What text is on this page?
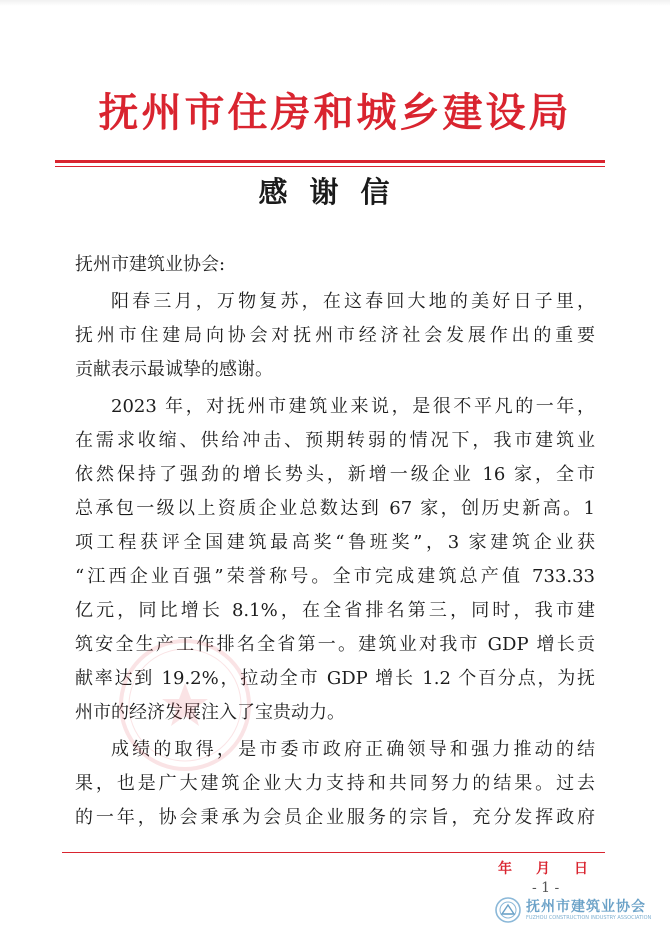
抚州市住房和城乡建设局
感谢信
抚州市建筑业协会:
阳春三月，万物复苏，在这春回大地的美好日子里，
抚州市住建局向协会对抚州市经济社会发展作出的重要
贡献表示最诚挚的感谢。
2023 年，对抚州市建筑业来说，是很不平凡的一年，
在需求收缩、供给冲击、预期转弱的情况下，我市建筑业
依然保持了强劲的增长势头，新增一级企业 16 家，全市
总承包一级以上资质企业总数达到 67 家，创历史新高。1
项工程获评全国建筑最高奖“鲁班奖”，3 家建筑企业获
“江西企业百强”荣誉称号。全市完成建筑总产值 733.33
亿元，同比增长 8.1%，在全省排名第三，同时，我市建
筑安全生产工作排名全省第一。建筑业对我市 GDP 增长贡
献率达到 19.2%，拉动全市 GDP 增长 1.2 个百分点，为抚
州市的经济发展注入了宝贵动力。
成绩的取得，是市委市政府正确领导和强力推动的结
果，也是广大建筑企业大力支持和共同努力的结果。过去
的一年，协会秉承为会员企业服务的宗旨，充分发挥政府
年 月 日
- 1 -
抚州市建筑业协会
FUZHOU CONSTRUCTION INDUSTRY ASSOCIATION
